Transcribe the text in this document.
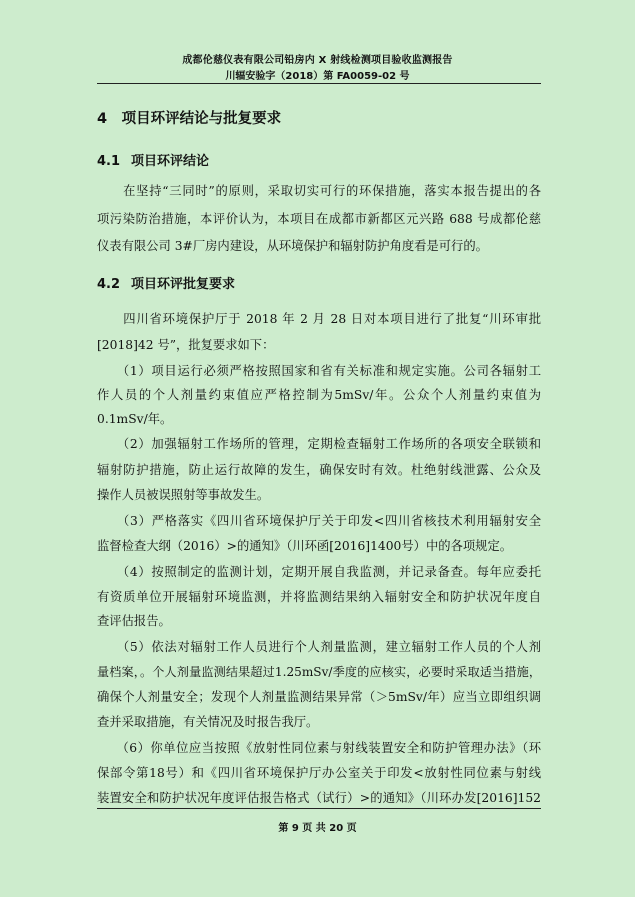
成都伦慈仪表有限公司铅房内 X 射线检测项目验收监测报告
川辐安验字（2018）第 FA0059-02 号
4　项目环评结论与批复要求
4.1 项目环评结论
　　在坚持“三同时”的原则，采取切实可行的环保措施，落实本报告提出的各
项污染防治措施，本评价认为，本项目在成都市新都区元兴路 688 号成都伦慈
仪表有限公司 3#厂房内建设，从环境保护和辐射防护角度看是可行的。
4.2 项目环评批复要求
　　四川省环境保护厅于 2018 年 2 月 28 日对本项目进行了批复“川环审批
[2018]42 号”，批复要求如下：
　　（1）项目运行必须严格按照国家和省有关标准和规定实施。公司各辐射工
作人员的个人剂量约束值应严格控制为5mSv/年。公众个人剂量约束值为
0.1mSv/年。
　　（2）加强辐射工作场所的管理，定期检查辐射工作场所的各项安全联锁和
辐射防护措施，防止运行故障的发生，确保安时有效。杜绝射线泄露、公众及
操作人员被误照射等事故发生。
　　（3）严格落实《四川省环境保护厅关于印发<四川省核技术利用辐射安全
监督检查大纲（2016）>的通知》（川环函[2016]1400号）中的各项规定。
　　（4）按照制定的监测计划，定期开展自我监测，并记录备查。每年应委托
有资质单位开展辐射环境监测，并将监测结果纳入辐射安全和防护状况年度自
查评估报告。
　　（5）依法对辐射工作人员进行个人剂量监测，建立辐射工作人员的个人剂
量档案，。个人剂量监测结果超过1.25mSv/季度的应核实，必要时采取适当措施，
确保个人剂量安全；发现个人剂量监测结果异常（＞5mSv/年）应当立即组织调
查并采取措施，有关情况及时报告我厅。
　　（6）你单位应当按照《放射性同位素与射线装置安全和防护管理办法》（环
保部令第18号）和《四川省环境保护厅办公室关于印发<放射性同位素与射线
装置安全和防护状况年度评估报告格式（试行）>的通知》（川环办发[2016]152
第 9 页 共 20 页
